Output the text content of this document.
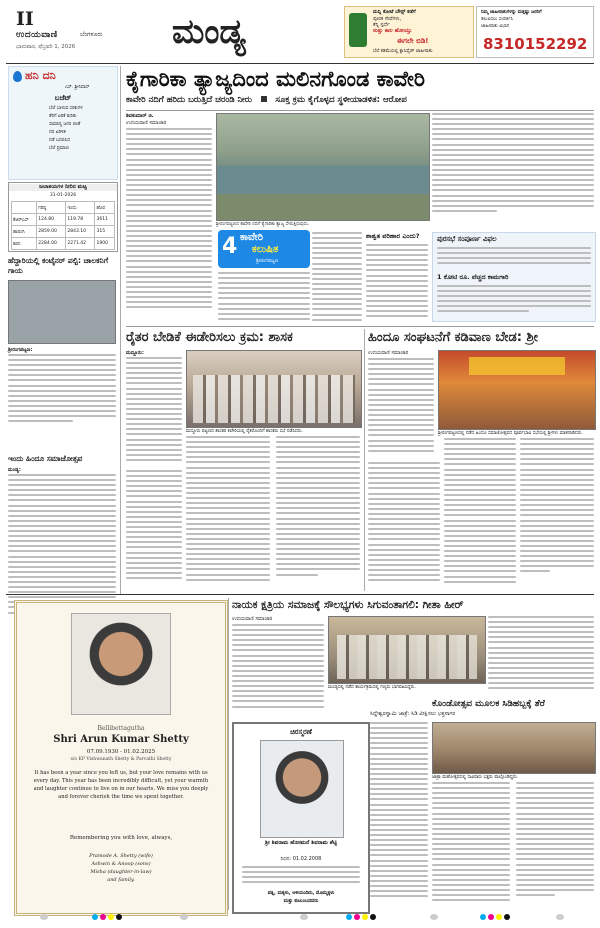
II
ಉದಯವಾಣಿ	ಬೆಂಗಳೂರು
ಭಾನುವಾರ, ಫೆಬ್ರವರಿ 1, 2026	ಮಂಡ್ಯ	ಮನ್ನಿ ಕೋಟೆ ಬೌನ್ಸ್ ಕಡೆಗೆ
ಪೂರಕ ಸೇವೆಗಳು,
ಕೆನ್ನಿ ಸ್ಪರ್ಧೆ
ಸುತ್ತು ಕಾಲ ಹೋಯ್ತು
ಈಗಲೇ ಬಿಡಿ!
ಬೆಲೆ ಕಡಿಮೆಯಲ್ಲಿ ಕ್ಲಾಸಿಫೈಡ್ ಜಾಹೀರಾತು
ನಿಮ್ಮ ಜಾಹೀರಾತುಗಳನ್ನು ಮತ್ತಷ್ಟು ಜನರಿಗೆ
ತಲುಪಿಸಲು ಸಂಪರ್ಕಿಸಿ
ಜಾಹೀರಾತು ವಿಭಾಗ
8310152292
ಹನಿ ದನಿ
ಎಸ್. ಶ್ರೀನಿವಾಸ್
ಬಜೆಟ್
ಬೆಲೆ ಬಾಳುವ ಸರಕುಗಳ
ತೆರಿಗೆ ಏರಿಕೆ ಕುರಿತು
ಸಾಮಾನ್ಯ ಜನರ ಚಿಂತೆ
ದರ ಏರಿಳಿತ
ನಡೆ ಬದಲಿಸಿದ
ಬೆಲೆ ಪ್ರಮಾಣ
ಜಲಾಶಯಗಳ ನೀರಿನ ಮಟ್ಟ
31-01-2026
	ಗರಿಷ್ಠ	ಇಂದು	ಹೊರ
ಕೆಆರ್‌ಎಸ್	124.80	119.78	3611
ಹಾರಂಗಿ	2859.00	2843.10	315
ಕಬಿನಿ	2284.00	2271.42	1900
ಹೆದ್ದಾರಿಯಲ್ಲಿ ಕಂಟೈನರ್ ಪಲ್ಟಿ: ಚಾಲಕನಿಗೆ ಗಾಯ
ಶ್ರೀರಂಗಪಟ್ಟಣ:
ಇಂದು ಹಿಂದೂ ಸಮಾಜೋತ್ಸವ
ಮಂಡ್ಯ:
ಕೈಗಾರಿಕಾ ತ್ಯಾಜ್ಯದಿಂದ ಮಲಿನಗೊಂಡ ಕಾವೇರಿ
ಕಾವೇರಿ ನದಿಗೆ ಹರಿದು ಬರುತ್ತಿದೆ ಚರಂಡಿ ನೀರು	ಸೂಕ್ತ ಕ್ರಮ ಕೈಗೊಳ್ಳದ ಸ್ಥಳೀಯಾಡಳಿತ: ಆರೋಪ
ಶಿವಕುಮಾರ್ ಜಿ.
ಉದಯವಾಣಿ ಸಮಾಚಾರ
ಶ್ರೀರಂಗಪಟ್ಟಣದ ಕಾವೇರಿ ನದಿಗೆ ಕೈಗಾರಿಕಾ ತ್ಯಾಜ್ಯ ಸೇರುತ್ತಿರುವುದು.
ಪುರಸಭೆ ಸಂಪೂರ್ಣ ವಿಫಲ
1 ಕೋಟಿ ರೂ. ವೆಚ್ಚದ ಕಾಮಗಾರಿ
4 ಕಾವೇರಿ
ಕಲುಷಿತ
ಶ್ರೀರಂಗಪಟ್ಟಣ
ಶಾಶ್ವತ ಪರಿಹಾರ ಎಂದು?
ರೈತರ ಬೇಡಿಕೆ ಈಡೇರಿಸಲು ಕ್ರಮ: ಶಾಸಕ
ಮದ್ದೂರು:
ಮದ್ದೂರು ಪಟ್ಟಣದ ಶಾಸಕರ ಕಚೇರಿಯಲ್ಲಿ ರೈತರೊಂದಿಗೆ ಶಾಸಕರು ಸಭೆ ನಡೆಸಿದರು.
ಹಿಂದೂ ಸಂಘಟನೆಗೆ ಕಡಿವಾಣ ಬೇಡ: ಶ್ರೀ
ಉದಯವಾಣಿ ಸಮಾಚಾರ
ಶ್ರೀರಂಗಪಟ್ಟಣದಲ್ಲಿ ನಡೆದ ಹಿಂದೂ ಸಮಾಜೋತ್ಸವದ ಪೂರ್ವಭಾವಿ ಸಭೆಯಲ್ಲಿ ಶ್ರೀಗಳು ಮಾತನಾಡಿದರು.
Bellibettagutha
Shri Arun Kumar Shetty
07.09.1930 - 01.02.2025
s/o KP Vishwanath Shetty & Parvathi Shetty
It has been a year since you left us, but your love remains with us every day. This year has been incredibly difficult, yet your warmth and laughter continue to live on in our hearts. We miss you deeply and forever cherish the time we spent together.
Remembering you with love, always,
Pramode A. Shetty (wife)
Ashwin & Anoop (sons)
Misha (daughter-in-law)
and family.
ನಾಯಕ ಕ್ಷತ್ರಿಯ ಸಮಾಜಕ್ಕೆ ಸೌಲಭ್ಯಗಳು ಸಿಗುವಂತಾಗಲಿ: ಗೀತಾ ಹೀರ್
ಉದಯವಾಣಿ ಸಮಾಚಾರ
ಮಂಡ್ಯದಲ್ಲಿ ನಡೆದ ಕಾರ್ಯಕ್ರಮದಲ್ಲಿ ಗಣ್ಯರು ಭಾಗವಹಿಸಿದ್ದರು.
ಚಿರಸ್ಮರಣೆ
ಶ್ರೀ ಶಿವರಾಮ ಹೊಸಮನೆ ಶಿವರಾಮ ಶೆಟ್ಟಿ
ನಿಧನ: 01.02.2008
ಪತ್ನಿ, ಮಕ್ಕಳು, ಅಳಿಯಂದಿರು, ಮೊಮ್ಮಕ್ಕಳು
ಮತ್ತು ಕುಟುಂಬದವರು
ಕೊಂಡೋತ್ಸವ ಮೂಲಕ ಸಿಡಿಹಬ್ಬಕ್ಕೆ ತೆರೆ
ಸಿದ್ದೇಶ್ವರಸ್ವಾಮಿ ಜಾತ್ರೆ: ಸಿಡಿ ವೀಕ್ಷಿಸಲು ಭಕ್ತಸಾಗರ
ಜಾತ್ರಾ ಮಹೋತ್ಸವದಲ್ಲಿ ಸಾವಿರಾರು ಭಕ್ತರು ಪಾಲ್ಗೊಂಡಿದ್ದರು.
